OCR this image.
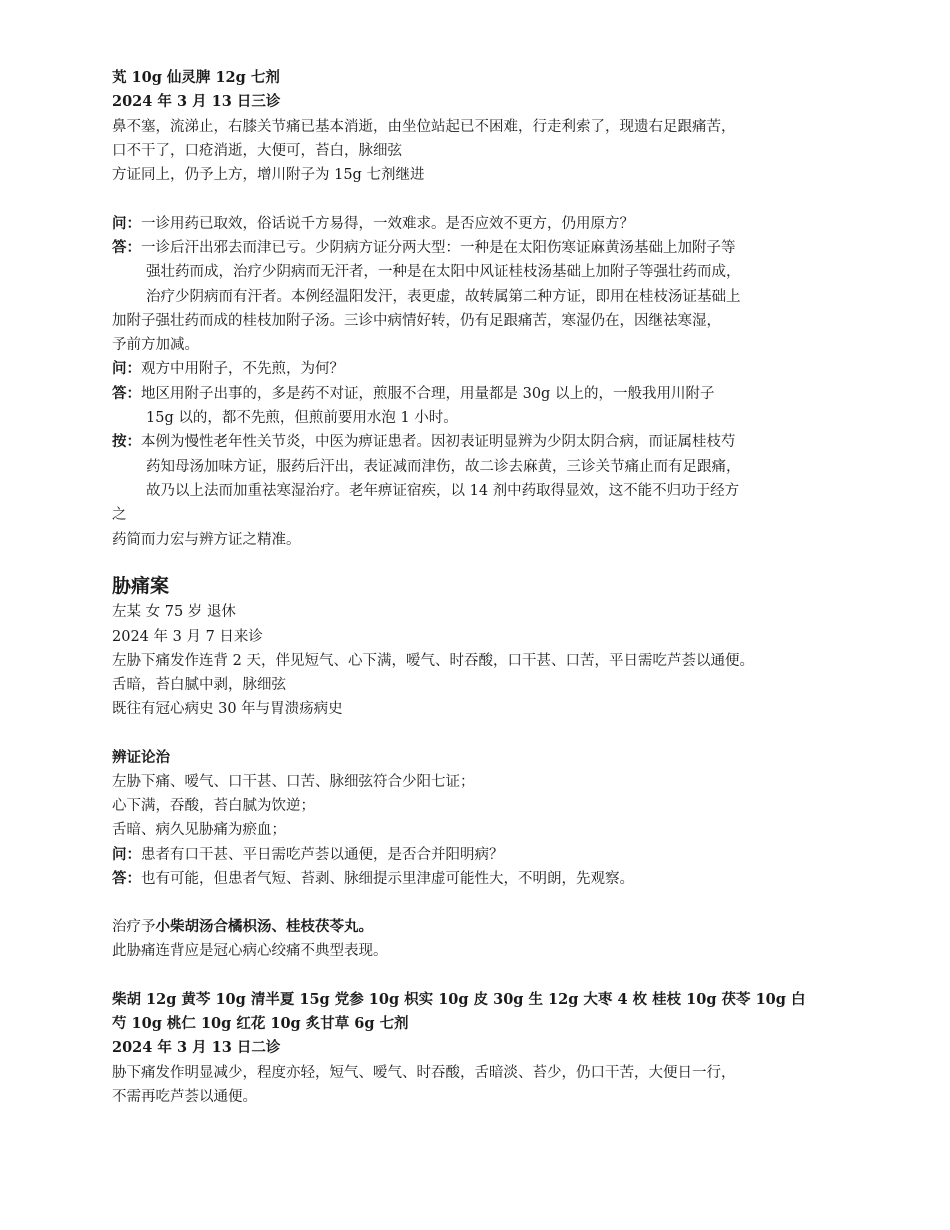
芄 10g 仙灵脾 12g 七剂
2024 年 3 月 13 日三诊
鼻不塞，流涕止，右膝关节痛已基本消逝，由坐位站起已不困难，行走利索了，现遗右足跟痛苦，
口不干了，口疮消逝，大便可，苔白，脉细弦
方证同上，仍予上方，增川附子为 15g 七剂继进
问：一诊用药已取效，俗话说千方易得，一效难求。是否应效不更方，仍用原方？
答：一诊后汗出邪去而津已亏。少阴病方证分两大型：一种是在太阳伤寒证麻黄汤基础上加附子等
强壮药而成，治疗少阴病而无汗者，一种是在太阳中风证桂枝汤基础上加附子等强壮药而成，
治疗少阴病而有汗者。本例经温阳发汗，表更虚，故转属第二种方证，即用在桂枝汤证基础上
加附子强壮药而成的桂枝加附子汤。三诊中病情好转，仍有足跟痛苦，寒湿仍在，因继祛寒湿，
予前方加减。
问：观方中用附子，不先煎，为何？
答：地区用附子出事的，多是药不对证，煎服不合理，用量都是 30g 以上的，一般我用川附子
15g 以的，都不先煎，但煎前要用水泡 1 小时。
按：本例为慢性老年性关节炎，中医为痹证患者。因初表证明显辨为少阴太阴合病，而证属桂枝芍
药知母汤加味方证，服药后汗出，表证减而津伤，故二诊去麻黄，三诊关节痛止而有足跟痛，
故乃以上法而加重祛寒湿治疗。老年痹证宿疾，以 14 剂中药取得显效，这不能不归功于经方
之
药简而力宏与辨方证之精准。
胁痛案
左某 女 75 岁 退休
2024 年 3 月 7 日来诊
左胁下痛发作连背 2 天，伴见短气、心下满，嗳气、时吞酸，口干甚、口苦，平日需吃芦荟以通便。
舌暗，苔白腻中剥，脉细弦
既往有冠心病史 30 年与胃溃疡病史
辨证论治
左胁下痛、嗳气、口干甚、口苦、脉细弦符合少阳七证；
心下满，吞酸，苔白腻为饮逆；
舌暗、病久见胁痛为瘀血；
问：患者有口干甚、平日需吃芦荟以通便，是否合并阳明病？
答：也有可能，但患者气短、苔剥、脉细提示里津虚可能性大，不明朗，先观察。
治疗予小柴胡汤合橘枳汤、桂枝茯苓丸。
此胁痛连背应是冠心病心绞痛不典型表现。
柴胡 12g 黄芩 10g 清半夏 15g 党参 10g 枳实 10g 皮 30g 生 12g 大枣 4 枚 桂枝 10g 茯苓 10g 白
芍 10g 桃仁 10g 红花 10g 炙甘草 6g 七剂
2024 年 3 月 13 日二诊
胁下痛发作明显减少，程度亦轻，短气、嗳气、时吞酸，舌暗淡、苔少，仍口干苦，大便日一行，
不需再吃芦荟以通便。
